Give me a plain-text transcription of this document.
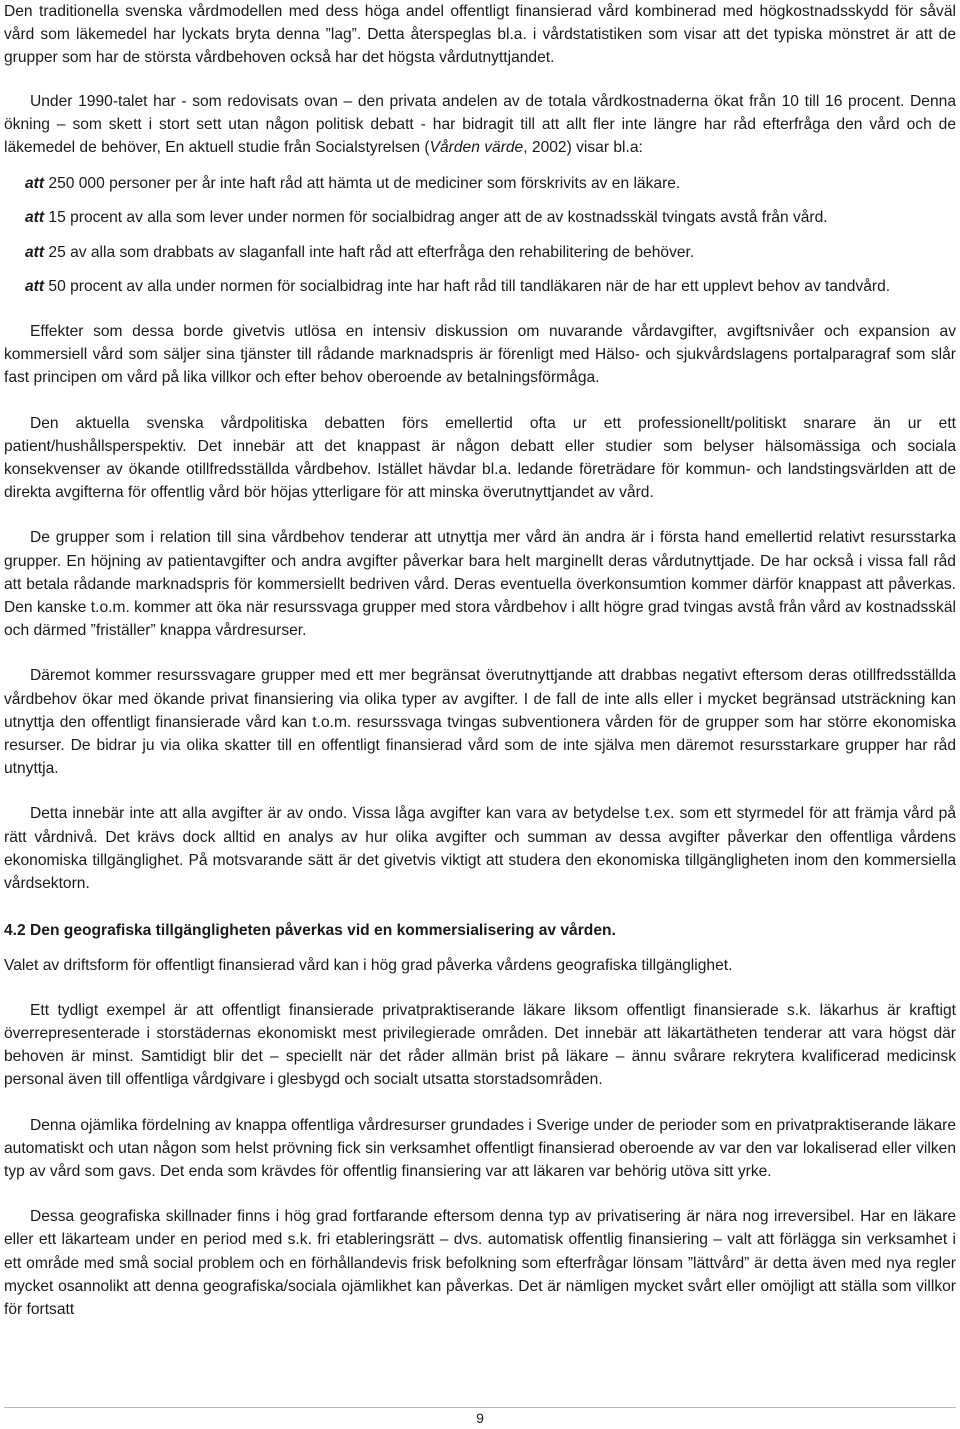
Den traditionella svenska vårdmodellen med dess höga andel offentligt finansierad vård kombinerad med högkostnadsskydd för såväl vård som läkemedel har lyckats bryta denna ”lag”. Detta återspeglas bl.a. i vårdstatistiken som visar att det typiska mönstret är att de grupper som har de största vårdbehoven också har det högsta vårdutnyttjandet.

Under 1990-talet har - som redovisats ovan – den privata andelen av de totala vårdkostnaderna ökat från 10 till 16 procent. Denna ökning – som skett i stort sett utan någon politisk debatt - har bidragit till att allt fler inte längre har råd efterfråga den vård och de läkemedel de behöver, En aktuell studie från Socialstyrelsen (Vården värde, 2002) visar bl.a:

att 250 000 personer per år inte haft råd att hämta ut de mediciner som förskrivits av en läkare.

att 15 procent av alla som lever under normen för socialbidrag anger att de av kostnadsskäl tvingats avstå från vård.

att 25 av alla som drabbats av slaganfall inte haft råd att efterfråga den rehabilitering de behöver.

att 50 procent av alla under normen för socialbidrag inte har haft råd till tandläkaren när de har ett upplevt behov av tandvård.

Effekter som dessa borde givetvis utlösa en intensiv diskussion om nuvarande vårdavgifter, avgiftsnivåer och expansion av kommersiell vård som säljer sina tjänster till rådande marknadspris är förenligt med Hälso- och sjukvårdslagens portalparagraf som slår fast principen om vård på lika villkor och efter behov oberoende av betalningsförmåga.

Den aktuella svenska vårdpolitiska debatten förs emellertid ofta ur ett professionellt/politiskt snarare än ur ett patient/hushållsperspektiv. Det innebär att det knappast är någon debatt eller studier som belyser hälsomässiga och sociala konsekvenser av ökande otillfredsställda vårdbehov. Istället hävdar bl.a. ledande företrädare för kommun- och landstingsvärlden att de direkta avgifterna för offentlig vård bör höjas ytterligare för att minska överutnyttjandet av vård.

De grupper som i relation till sina vårdbehov tenderar att utnyttja mer vård än andra är i första hand emellertid relativt resursstarka grupper. En höjning av patientavgifter och andra avgifter påverkar bara helt marginellt deras vårdutnyttjade. De har också i vissa fall råd att betala rådande marknadspris för kommersiellt bedriven vård. Deras eventuella överkonsumtion kommer därför knappast att påverkas. Den kanske t.o.m. kommer att öka när resurssvaga grupper med stora vårdbehov i allt högre grad tvingas avstå från vård av kostnadsskäl och därmed ”friställer” knappa vårdresurser.

Däremot kommer resurssvagare grupper med ett mer begränsat överutnyttjande att drabbas negativt eftersom deras otillfredsställda vårdbehov ökar med ökande privat finansiering via olika typer av avgifter. I de fall de inte alls eller i mycket begränsad utsträckning kan utnyttja den offentligt finansierade vård kan t.o.m. resurssvaga tvingas subventionera vården för de grupper som har större ekonomiska resurser. De bidrar ju via olika skatter till en offentligt finansierad vård som de inte själva men däremot resursstarkare grupper har råd utnyttja.

Detta innebär inte att alla avgifter är av ondo. Vissa låga avgifter kan vara av betydelse t.ex. som ett styrmedel för att främja vård på rätt vårdnivå. Det krävs dock alltid en analys av hur olika avgifter och summan av dessa avgifter påverkar den offentliga vårdens ekonomiska tillgänglighet. På motsvarande sätt är det givetvis viktigt att studera den ekonomiska tillgängligheten inom den kommersiella vårdsektorn.

4.2 Den geografiska tillgängligheten påverkas vid en kommersialisering av vården.

Valet av driftsform för offentligt finansierad vård kan i hög grad påverka vårdens geografiska tillgänglighet.

Ett tydligt exempel är att offentligt finansierade privatpraktiserande läkare liksom offentligt finansierade s.k. läkarhus är kraftigt överrepresenterade i storstädernas ekonomiskt mest privilegierade områden. Det innebär att läkartätheten tenderar att vara högst där behoven är minst. Samtidigt blir det – speciellt när det råder allmän brist på läkare – ännu svårare rekrytera kvalificerad medicinsk personal även till offentliga vårdgivare i glesbygd och socialt utsatta storstadsområden.

Denna ojämlika fördelning av knappa offentliga vårdresurser grundades i Sverige under de perioder som en privatpraktiserande läkare automatiskt och utan någon som helst prövning fick sin verksamhet offentligt finansierad oberoende av var den var lokaliserad eller vilken typ av vård som gavs. Det enda som krävdes för offentlig finansiering var att läkaren var behörig utöva sitt yrke.

Dessa geografiska skillnader finns i hög grad fortfarande eftersom denna typ av privatisering är nära nog irreversibel. Har en läkare eller ett läkarteam under en period med s.k. fri etableringsrätt – dvs. automatisk offentlig finansiering – valt att förlägga sin verksamhet i ett område med små social problem och en förhållandevis frisk befolkning som efterfrågar lönsam ”lättvård” är detta även med nya regler mycket osannolikt att denna geografiska/sociala ojämlikhet kan påverkas. Det är nämligen mycket svårt eller omöjligt att ställa som villkor för fortsatt

9
